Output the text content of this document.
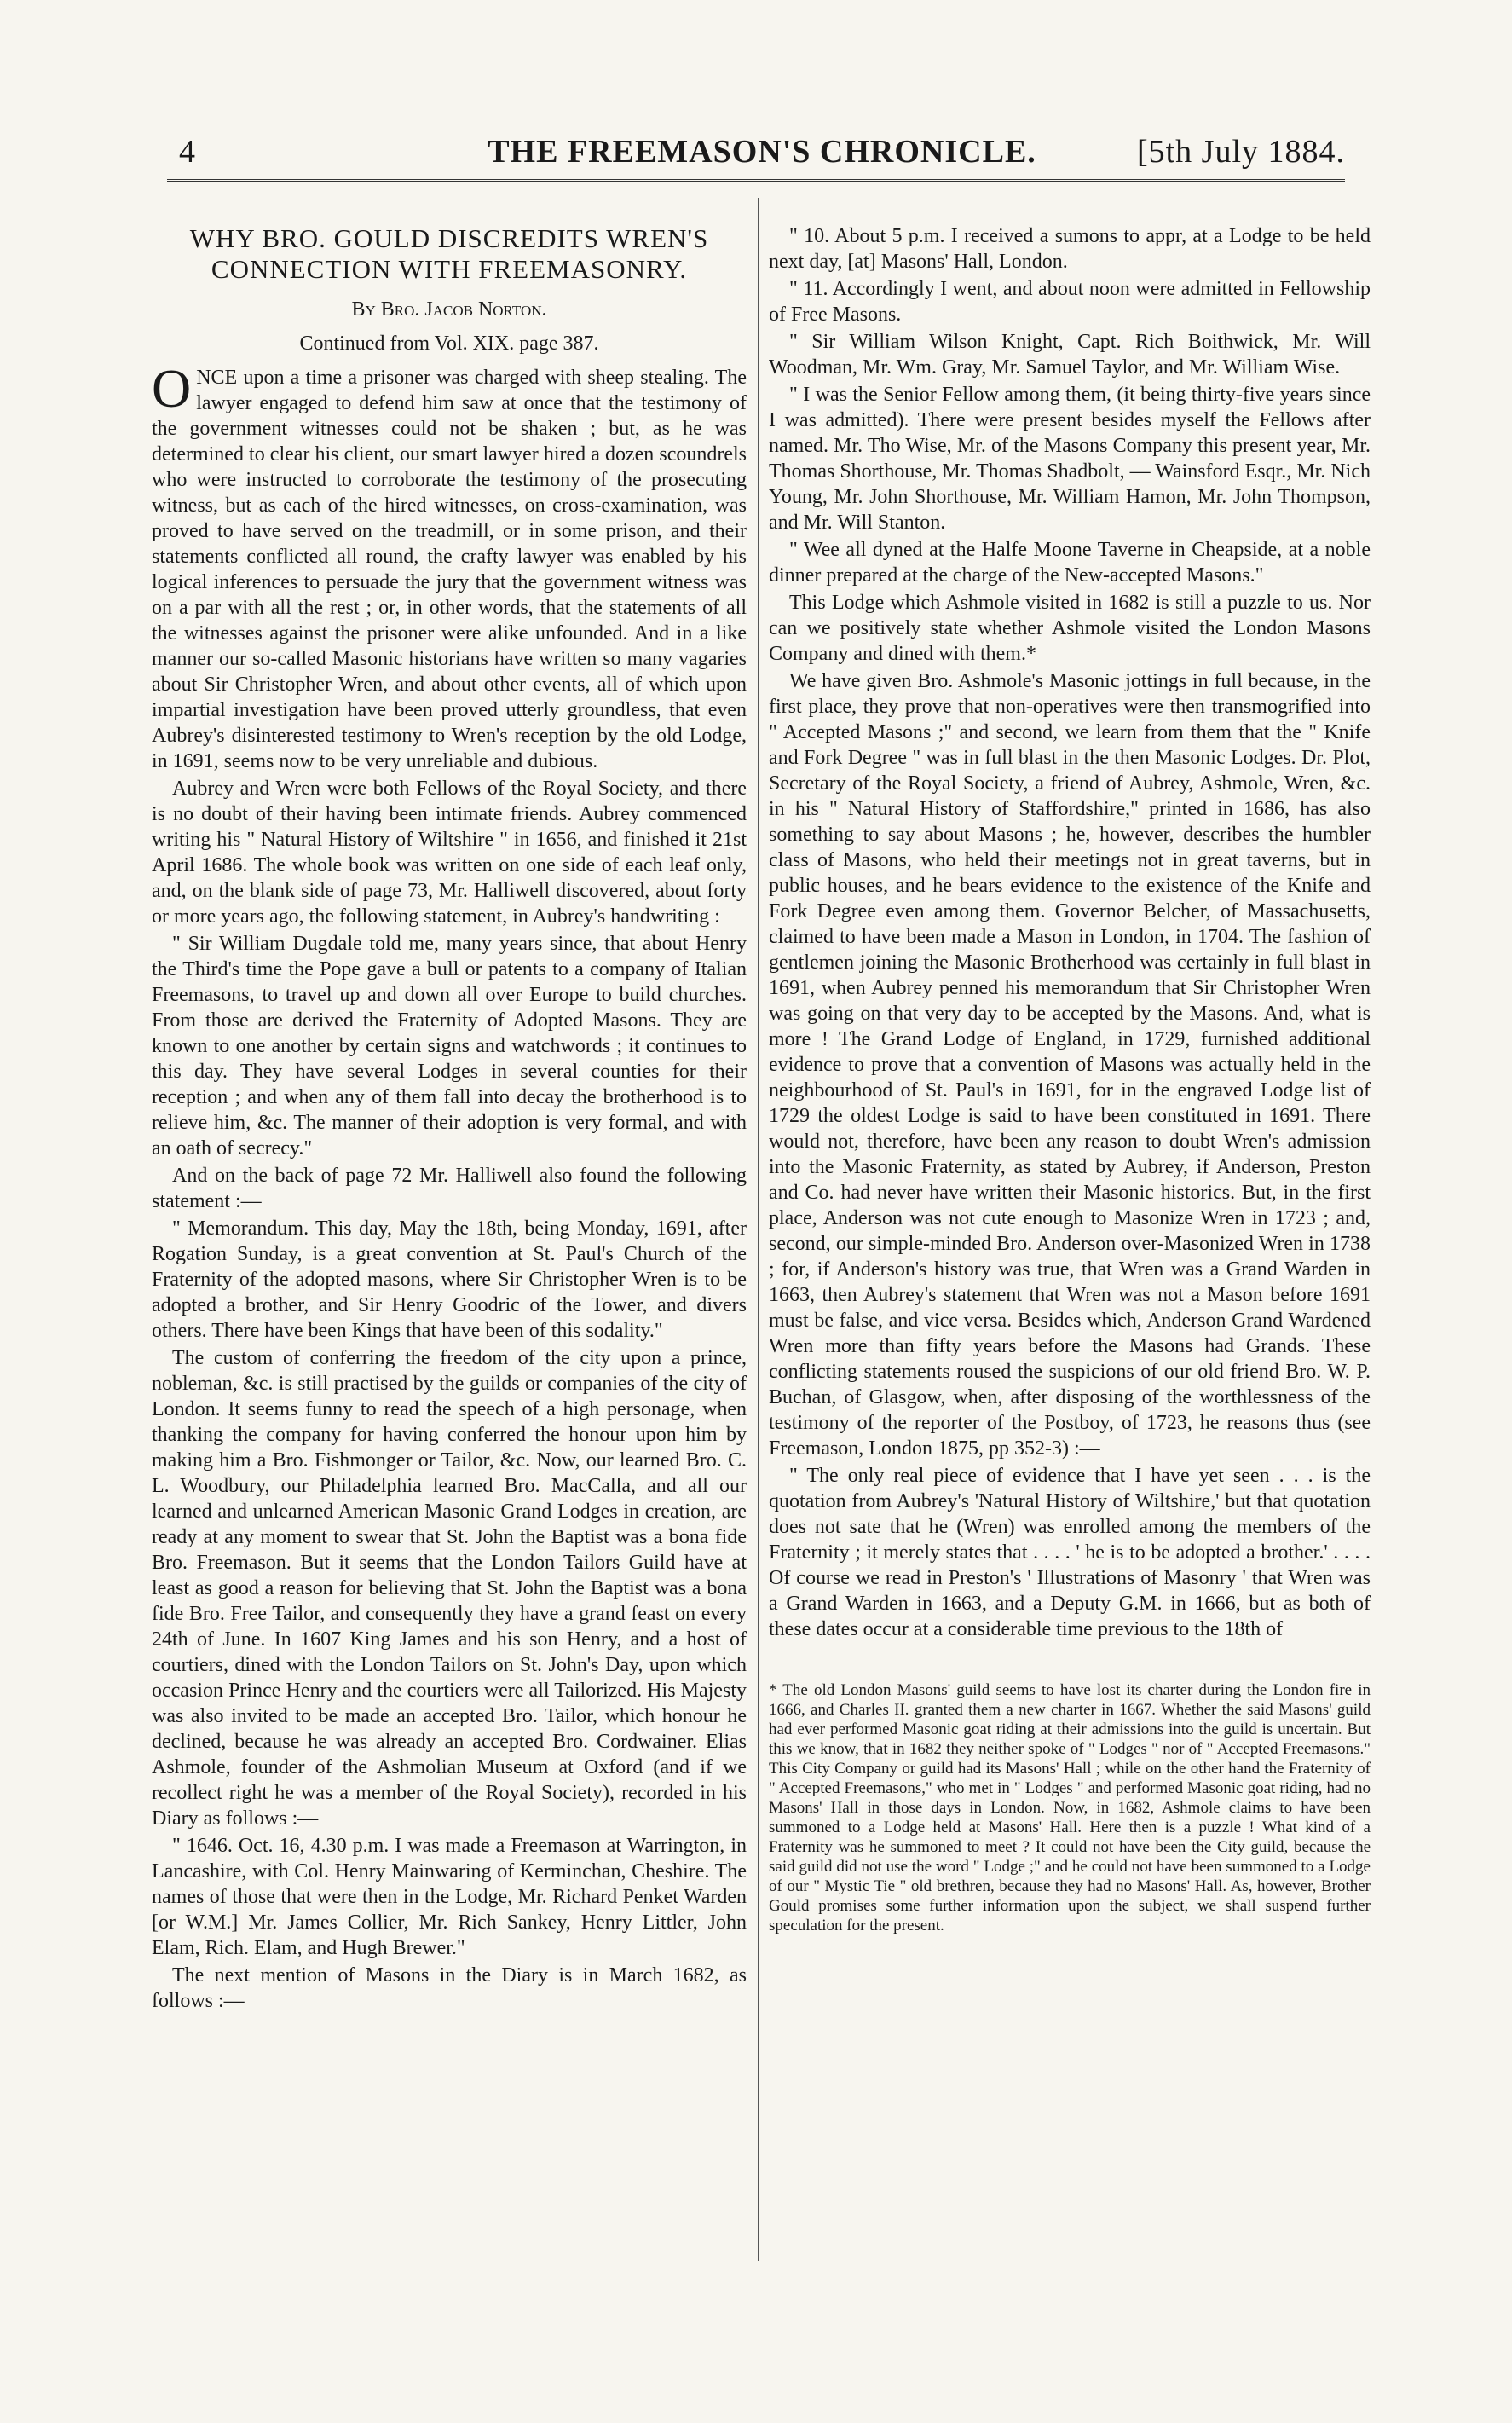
4	THE FREEMASON'S CHRONICLE.	[5th July 1884.
WHY BRO. GOULD DISCREDITS WREN'S CONNECTION WITH FREEMASONRY.
By Bro. Jacob Norton.
Continued from Vol. XIX. page 387.

ONCE upon a time a prisoner was charged with sheep stealing. The lawyer engaged to defend him saw at once that the testimony of the government witnesses could not be shaken ; but, as he was determined to clear his client, our smart lawyer hired a dozen scoundrels who were instructed to corroborate the testimony of the prosecuting witness, but as each of the hired witnesses, on cross-examination, was proved to have served on the treadmill, or in some prison, and their statements conflicted all round, the crafty lawyer was enabled by his logical inferences to persuade the jury that the government witness was on a par with all the rest ; or, in other words, that the statements of all the witnesses against the prisoner were alike unfounded. And in a like manner our so-called Masonic historians have written so many vagaries about Sir Christopher Wren, and about other events, all of which upon impartial investigation have been proved utterly groundless, that even Aubrey's disinterested testimony to Wren's reception by the old Lodge, in 1691, seems now to be very unreliable and dubious.

Aubrey and Wren were both Fellows of the Royal Society, and there is no doubt of their having been intimate friends. Aubrey commenced writing his " Natural History of Wiltshire " in 1656, and finished it 21st April 1686. The whole book was written on one side of each leaf only, and, on the blank side of page 73, Mr. Halliwell discovered, about forty or more years ago, the following statement, in Aubrey's handwriting :

" Sir William Dugdale told me, many years since, that about Henry the Third's time the Pope gave a bull or patents to a company of Italian Freemasons, to travel up and down all over Europe to build churches. From those are derived the Fraternity of Adopted Masons. They are known to one another by certain signs and watchwords ; it continues to this day. They have several Lodges in several counties for their reception ; and when any of them fall into decay the brotherhood is to relieve him, &c. The manner of their adoption is very formal, and with an oath of secrecy."

And on the back of page 72 Mr. Halliwell also found the following statement :—

" Memorandum. This day, May the 18th, being Monday, 1691, after Rogation Sunday, is a great convention at St. Paul's Church of the Fraternity of the adopted masons, where Sir Christopher Wren is to be adopted a brother, and Sir Henry Goodric of the Tower, and divers others. There have been Kings that have been of this sodality."

The custom of conferring the freedom of the city upon a prince, nobleman, &c. is still practised by the guilds or companies of the city of London. It seems funny to read the speech of a high personage, when thanking the company for having conferred the honour upon him by making him a Bro. Fishmonger or Tailor, &c. Now, our learned Bro. C. L. Woodbury, our Philadelphia learned Bro. MacCalla, and all our learned and unlearned American Masonic Grand Lodges in creation, are ready at any moment to swear that St. John the Baptist was a bona fide Bro. Freemason. But it seems that the London Tailors Guild have at least as good a reason for believing that St. John the Baptist was a bona fide Bro. Free Tailor, and consequently they have a grand feast on every 24th of June. In 1607 King James and his son Henry, and a host of courtiers, dined with the London Tailors on St. John's Day, upon which occasion Prince Henry and the courtiers were all Tailorized. His Majesty was also invited to be made an accepted Bro. Tailor, which honour he declined, because he was already an accepted Bro. Cordwainer. Elias Ashmole, founder of the Ashmolian Museum at Oxford (and if we recollect right he was a member of the Royal Society), recorded in his Diary as follows :—

" 1646. Oct. 16, 4.30 p.m. I was made a Freemason at Warrington, in Lancashire, with Col. Henry Mainwaring of Kerminchan, Cheshire. The names of those that were then in the Lodge, Mr. Richard Penket Warden [or W.M.] Mr. James Collier, Mr. Rich Sankey, Henry Littler, John Elam, Rich. Elam, and Hugh Brewer."

The next mention of Masons in the Diary is in March 1682, as follows :—

" 10. About 5 p.m. I received a sumons to appr, at a Lodge to be held next day, [at] Masons' Hall, London.

" 11. Accordingly I went, and about noon were admitted in Fellowship of Free Masons.

" Sir William Wilson Knight, Capt. Rich Boithwick, Mr. Will Woodman, Mr. Wm. Gray, Mr. Samuel Taylor, and Mr. William Wise.

" I was the Senior Fellow among them, (it being thirty-five years since I was admitted). There were present besides myself the Fellows after named. Mr. Tho Wise, Mr. of the Masons Company this present year, Mr. Thomas Shorthouse, Mr. Thomas Shadbolt, — Wainsford Esqr., Mr. Nich Young, Mr. John Shorthouse, Mr. William Hamon, Mr. John Thompson, and Mr. Will Stanton.

" Wee all dyned at the Halfe Moone Taverne in Cheapside, at a noble dinner prepared at the charge of the New-accepted Masons."

This Lodge which Ashmole visited in 1682 is still a puzzle to us. Nor can we positively state whether Ashmole visited the London Masons Company and dined with them.*

We have given Bro. Ashmole's Masonic jottings in full because, in the first place, they prove that non-operatives were then transmogrified into " Accepted Masons ;" and second, we learn from them that the " Knife and Fork Degree " was in full blast in the then Masonic Lodges. Dr. Plot, Secretary of the Royal Society, a friend of Aubrey, Ashmole, Wren, &c. in his " Natural History of Staffordshire," printed in 1686, has also something to say about Masons ; he, however, describes the humbler class of Masons, who held their meetings not in great taverns, but in public houses, and he bears evidence to the existence of the Knife and Fork Degree even among them. Governor Belcher, of Massachusetts, claimed to have been made a Mason in London, in 1704. The fashion of gentlemen joining the Masonic Brotherhood was certainly in full blast in 1691, when Aubrey penned his memorandum that Sir Christopher Wren was going on that very day to be accepted by the Masons. And, what is more ! The Grand Lodge of England, in 1729, furnished additional evidence to prove that a convention of Masons was actually held in the neighbourhood of St. Paul's in 1691, for in the engraved Lodge list of 1729 the oldest Lodge is said to have been constituted in 1691. There would not, therefore, have been any reason to doubt Wren's admission into the Masonic Fraternity, as stated by Aubrey, if Anderson, Preston and Co. had never have written their Masonic historics. But, in the first place, Anderson was not cute enough to Masonize Wren in 1723 ; and, second, our simple-minded Bro. Anderson over-Masonized Wren in 1738 ; for, if Anderson's history was true, that Wren was a Grand Warden in 1663, then Aubrey's statement that Wren was not a Mason before 1691 must be false, and vice versa. Besides which, Anderson Grand Wardened Wren more than fifty years before the Masons had Grands. These conflicting statements roused the suspicions of our old friend Bro. W. P. Buchan, of Glasgow, when, after disposing of the worthlessness of the testimony of the reporter of the Postboy, of 1723, he reasons thus (see Freemason, London 1875, pp 352-3) :—

" The only real piece of evidence that I have yet seen . . . is the quotation from Aubrey's 'Natural History of Wiltshire,' but that quotation does not sate that he (Wren) was enrolled among the members of the Fraternity ; it merely states that . . . . ' he is to be adopted a brother.' . . . . Of course we read in Preston's ' Illustrations of Masonry ' that Wren was a Grand Warden in 1663, and a Deputy G.M. in 1666, but as both of these dates occur at a considerable time previous to the 18th of

* The old London Masons' guild seems to have lost its charter during the London fire in 1666, and Charles II. granted them a new charter in 1667. Whether the said Masons' guild had ever performed Masonic goat riding at their admissions into the guild is uncertain. But this we know, that in 1682 they neither spoke of " Lodges " nor of " Accepted Freemasons." This City Company or guild had its Masons' Hall ; while on the other hand the Fraternity of " Accepted Freemasons," who met in " Lodges " and performed Masonic goat riding, had no Masons' Hall in those days in London. Now, in 1682, Ashmole claims to have been summoned to a Lodge held at Masons' Hall. Here then is a puzzle ! What kind of a Fraternity was he summoned to meet ? It could not have been the City guild, because the said guild did not use the word " Lodge ;" and he could not have been summoned to a Lodge of our " Mystic Tie " old brethren, because they had no Masons' Hall. As, however, Brother Gould promises some further information upon the subject, we shall suspend further speculation for the present.
